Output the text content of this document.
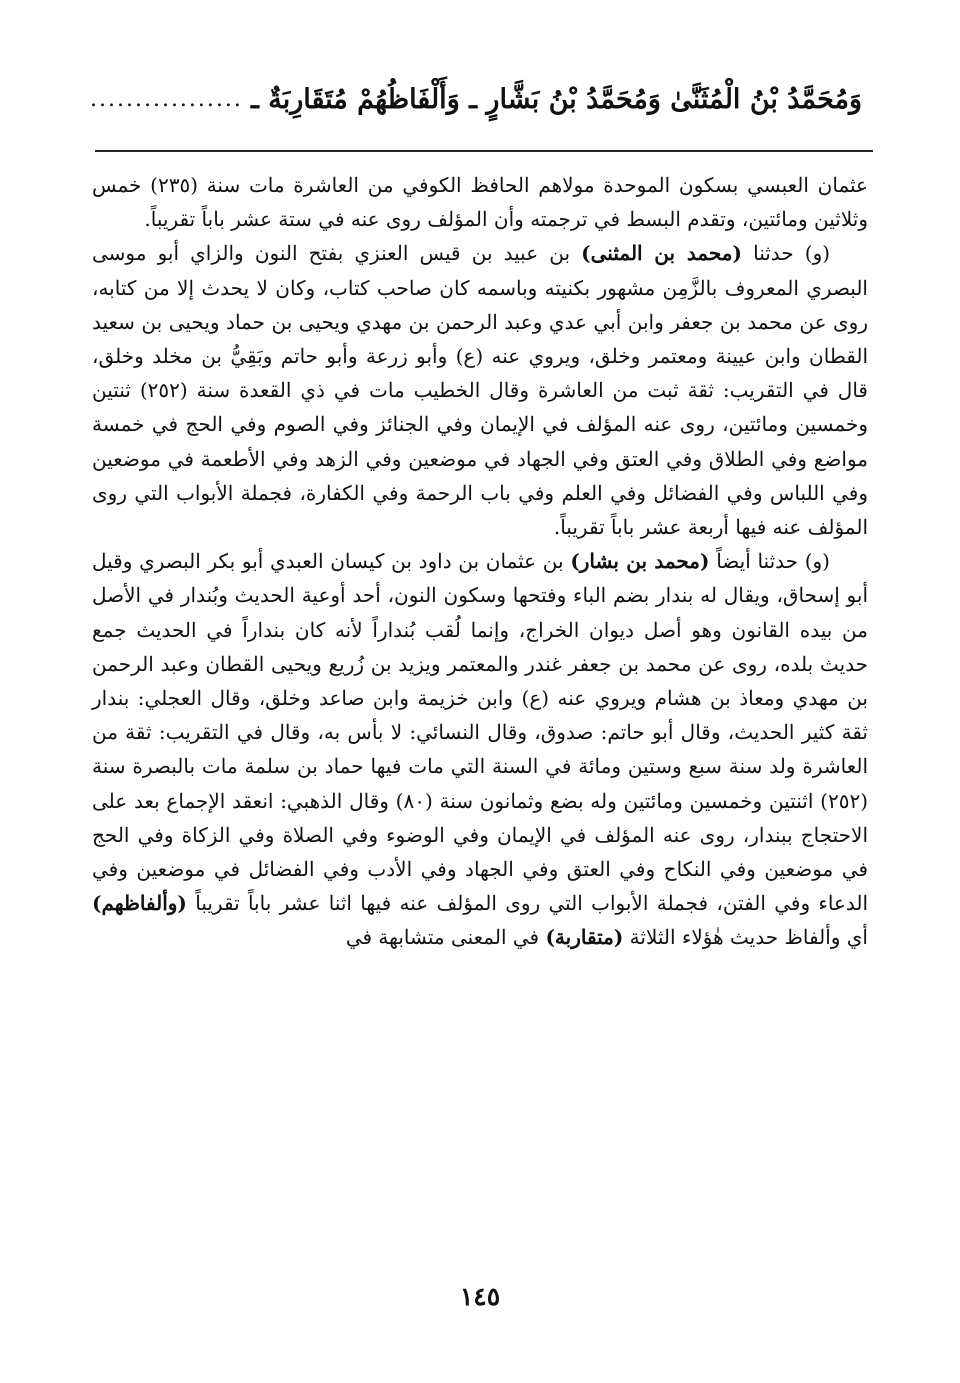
وَمُحَمَّدُ بْنُ الْمُثَنَّىٰ وَمُحَمَّدُ بْنُ بَشَّارٍ ـ وَأَلْفَاظُهُمْ مُتَقَارِبَةٌ ـ
.................

عثمان العبسي بسكون الموحدة مولاهم الحافظ الكوفي من العاشرة مات سنة (٢٣٥) خمس وثلاثين ومائتين، وتقدم البسط في ترجمته وأن المؤلف روى عنه في ستة عشر باباً تقريباً.

(و) حدثنا (محمد بن المثنى) بن عبيد بن قيس العنزي بفتح النون والزاي أبو موسى البصري المعروف بالزَّمِن مشهور بكنيته وباسمه كان صاحب كتاب، وكان لا يحدث إلا من كتابه، روى عن محمد بن جعفر وابن أبي عدي وعبد الرحمن بن مهدي ويحيى بن حماد ويحيى بن سعيد القطان وابن عيينة ومعتمر وخلق، ويروي عنه (ع) وأبو زرعة وأبو حاتم وبَقِيُّ بن مخلد وخلق، قال في التقريب: ثقة ثبت من العاشرة وقال الخطيب مات في ذي القعدة سنة (٢٥٢) ثنتين وخمسين ومائتين، روى عنه المؤلف في الإيمان وفي الجنائز وفي الصوم وفي الحج في خمسة مواضع وفي الطلاق وفي العتق وفي الجهاد في موضعين وفي الزهد وفي الأطعمة في موضعين وفي اللباس وفي الفضائل وفي العلم وفي باب الرحمة وفي الكفارة، فجملة الأبواب التي روى المؤلف عنه فيها أربعة عشر باباً تقريباً.

(و) حدثنا أيضاً (محمد بن بشار) بن عثمان بن داود بن كيسان العبدي أبو بكر البصري وقيل أبو إسحاق، ويقال له بندار بضم الباء وفتحها وسكون النون، أحد أوعية الحديث وبُندار في الأصل من بيده القانون وهو أصل ديوان الخراج، وإنما لُقب بُنداراً لأنه كان بنداراً في الحديث جمع حديث بلده، روى عن محمد بن جعفر غندر والمعتمر ويزيد بن زُريع ويحيى القطان وعبد الرحمن بن مهدي ومعاذ بن هشام ويروي عنه (ع) وابن خزيمة وابن صاعد وخلق، وقال العجلي: بندار ثقة كثير الحديث، وقال أبو حاتم: صدوق، وقال النسائي: لا بأس به، وقال في التقريب: ثقة من العاشرة ولد سنة سبع وستين ومائة في السنة التي مات فيها حماد بن سلمة مات بالبصرة سنة (٢٥٢) اثنتين وخمسين ومائتين وله بضع وثمانون سنة (٨٠) وقال الذهبي: انعقد الإجماع بعد على الاحتجاج ببندار، روى عنه المؤلف في الإيمان وفي الوضوء وفي الصلاة وفي الزكاة وفي الحج في موضعين وفي النكاح وفي العتق وفي الجهاد وفي الأدب وفي الفضائل في موضعين وفي الدعاء وفي الفتن، فجملة الأبواب التي روى المؤلف عنه فيها اثنا عشر باباً تقريباً (وألفاظهم) أي وألفاظ حديث هٰؤلاء الثلاثة (متقاربة) في المعنى متشابهة في

١٤٥
